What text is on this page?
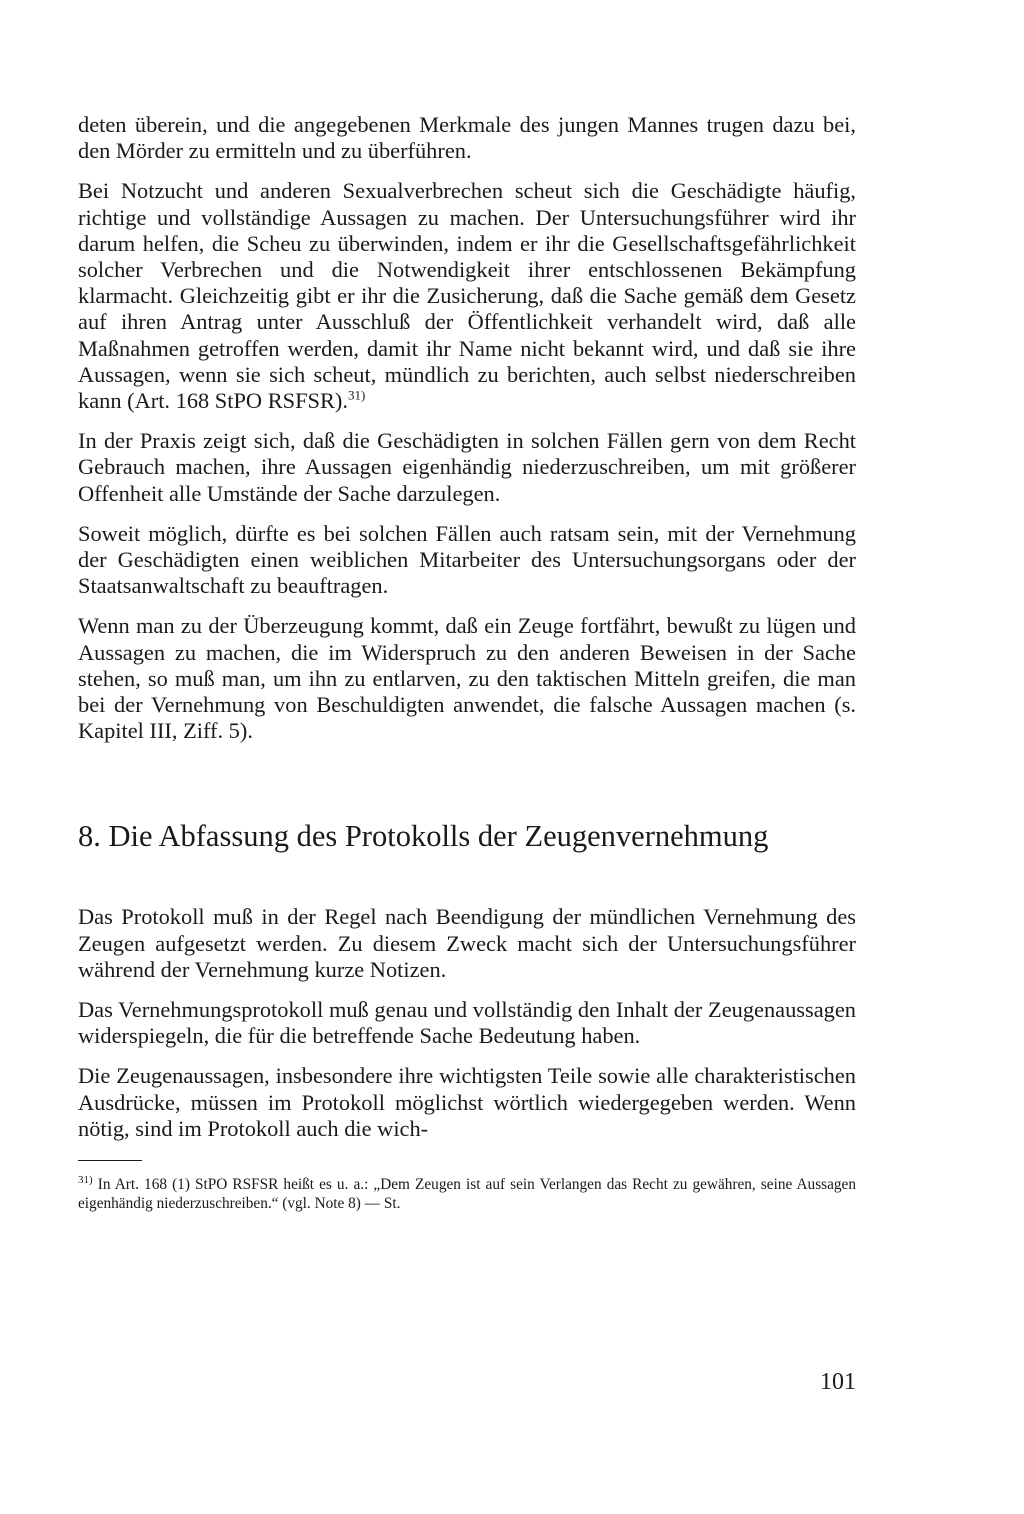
deten überein, und die angegebenen Merkmale des jungen Mannes trugen dazu bei, den Mörder zu ermitteln und zu überführen.

Bei Notzucht und anderen Sexualverbrechen scheut sich die Geschädigte häufig, richtige und vollständige Aussagen zu machen. Der Untersuchungsführer wird ihr darum helfen, die Scheu zu überwinden, indem er ihr die Gesellschaftsgefährlichkeit solcher Verbrechen und die Notwendigkeit ihrer entschlossenen Bekämpfung klarmacht. Gleichzeitig gibt er ihr die Zusicherung, daß die Sache gemäß dem Gesetz auf ihren Antrag unter Ausschluß der Öffentlichkeit verhandelt wird, daß alle Maßnahmen getroffen werden, damit ihr Name nicht bekannt wird, und daß sie ihre Aussagen, wenn sie sich scheut, mündlich zu berichten, auch selbst niederschreiben kann (Art. 168 StPO RSFSR).$^{31)}$

In der Praxis zeigt sich, daß die Geschädigten in solchen Fällen gern von dem Recht Gebrauch machen, ihre Aussagen eigenhändig niederzuschreiben, um mit größerer Offenheit alle Umstände der Sache darzulegen.

Soweit möglich, dürfte es bei solchen Fällen auch ratsam sein, mit der Vernehmung der Geschädigten einen weiblichen Mitarbeiter des Untersuchungsorgans oder der Staatsanwaltschaft zu beauftragen.

Wenn man zu der Überzeugung kommt, daß ein Zeuge fortfährt, bewußt zu lügen und Aussagen zu machen, die im Widerspruch zu den anderen Beweisen in der Sache stehen, so muß man, um ihn zu entlarven, zu den taktischen Mitteln greifen, die man bei der Vernehmung von Beschuldigten anwendet, die falsche Aussagen machen (s. Kapitel III, Ziff. 5).

8. Die Abfassung des Protokolls der Zeugenvernehmung

Das Protokoll muß in der Regel nach Beendigung der mündlichen Vernehmung des Zeugen aufgesetzt werden. Zu diesem Zweck macht sich der Untersuchungsführer während der Vernehmung kurze Notizen.

Das Vernehmungsprotokoll muß genau und vollständig den Inhalt der Zeugenaussagen widerspiegeln, die für die betreffende Sache Bedeutung haben.

Die Zeugenaussagen, insbesondere ihre wichtigsten Teile sowie alle charakteristischen Ausdrücke, müssen im Protokoll möglichst wörtlich wiedergegeben werden. Wenn nötig, sind im Protokoll auch die wich-

$^{31)}$ In Art. 168 (1) StPO RSFSR heißt es u. a.: „Dem Zeugen ist auf sein Verlangen das Recht zu gewähren, seine Aussagen eigenhändig niederzuschreiben.“ (vgl. Note 8) — St.

101
